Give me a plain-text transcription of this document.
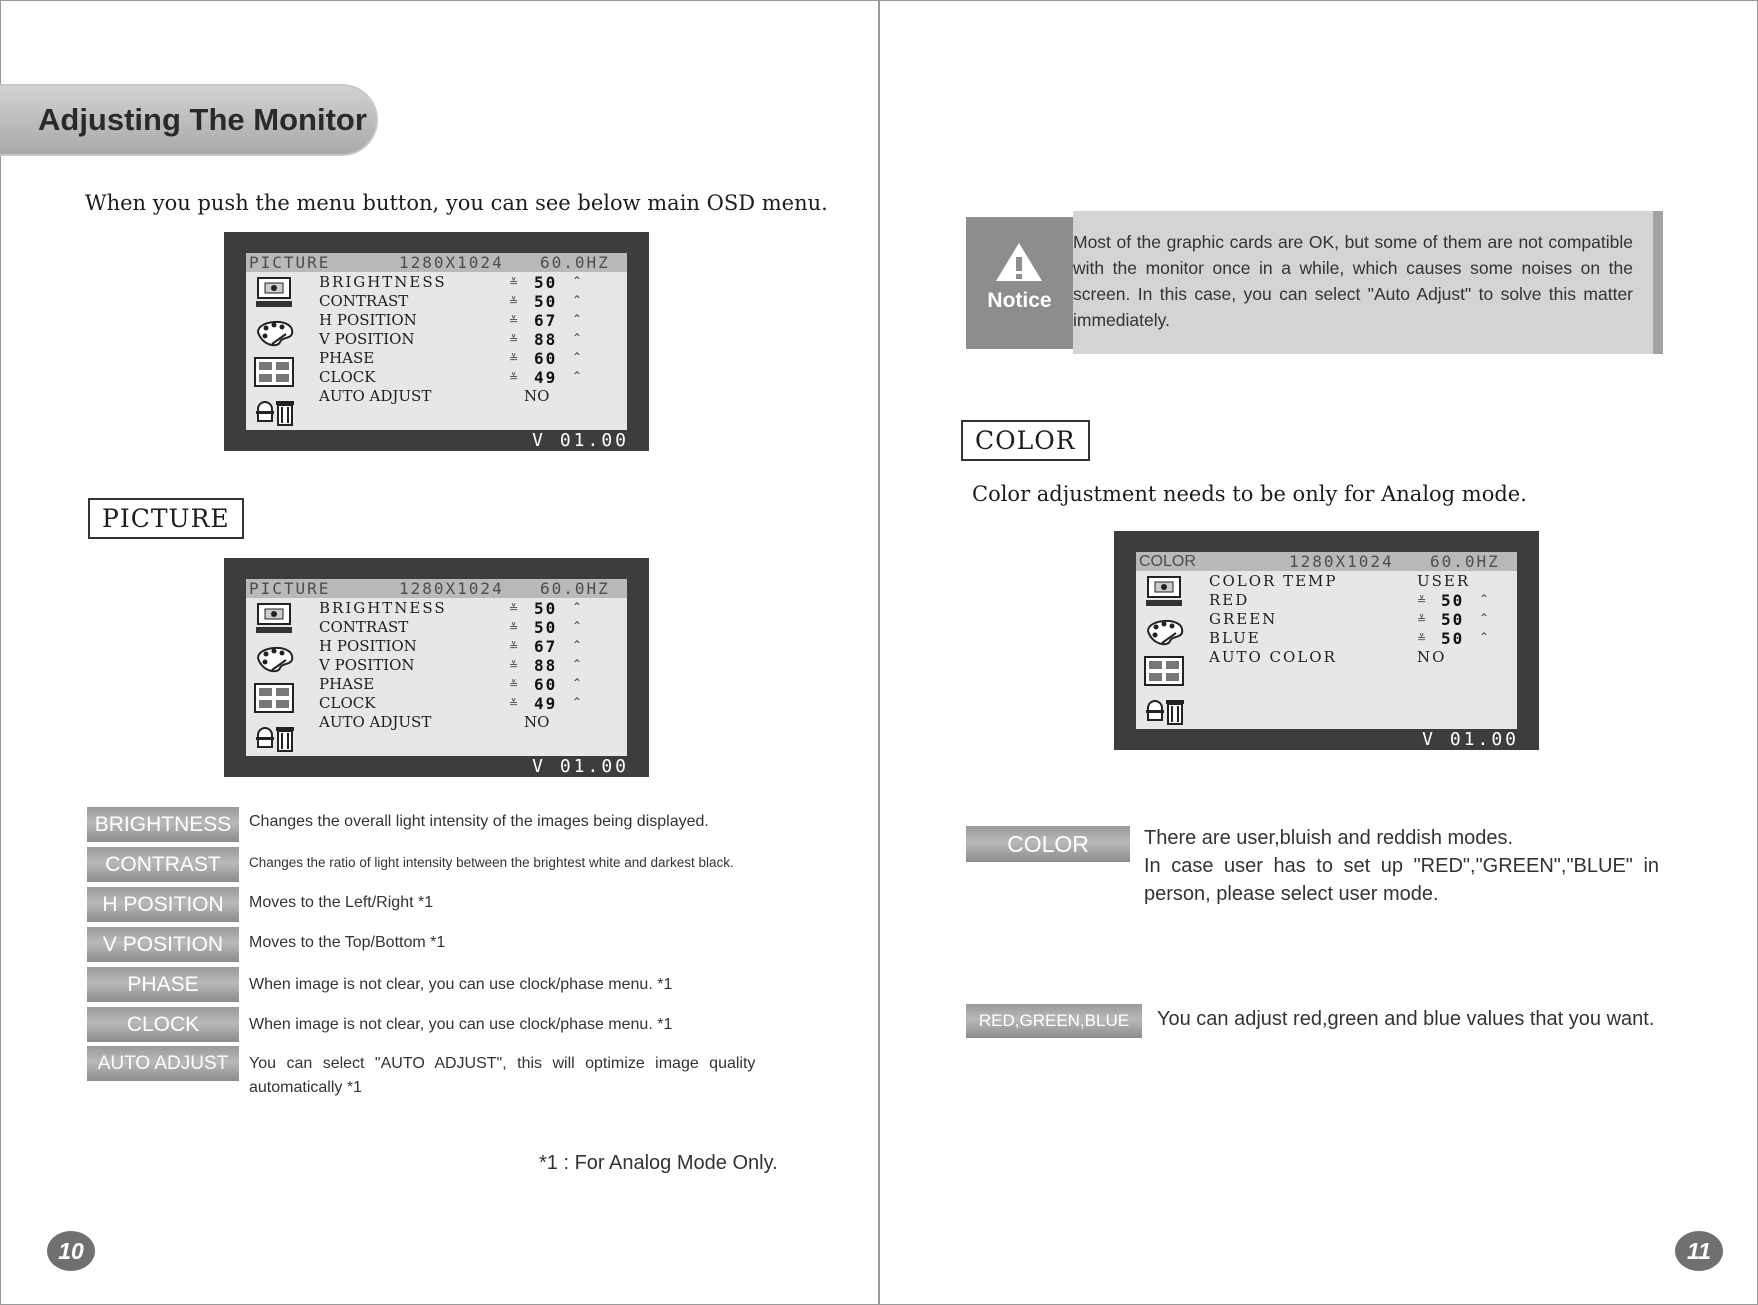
Adjusting The Monitor
When you push the menu button, you can see below main OSD menu.
PICTURE	1280X1024 60.0HZ
BRIGHTNESS	≚ 50 ⌃
CONTRAST	≚ 50 ⌃
H POSITION	≚ 67 ⌃
V POSITION	≚ 88 ⌃
PHASE	≚ 60 ⌃
CLOCK	≚ 49 ⌃
AUTO ADJUST	NO
V 01.00
PICTURE
PICTURE	1280X1024 60.0HZ
BRIGHTNESS	≚ 50 ⌃
CONTRAST	≚ 50 ⌃
H POSITION	≚ 67 ⌃
V POSITION	≚ 88 ⌃
PHASE	≚ 60 ⌃
CLOCK	≚ 49 ⌃
AUTO ADJUST	NO
V 01.00
BRIGHTNESS	Changes the overall light intensity of the images being displayed.
CONTRAST	Changes the ratio of light intensity between the brightest white and darkest black.
H POSITION	Moves to the Left/Right *1
V POSITION	Moves to the Top/Bottom *1
PHASE	When image is not clear, you can use clock/phase menu. *1
CLOCK	When image is not clear, you can use clock/phase menu. *1
AUTO ADJUST	You can select "AUTO ADJUST", this will optimize image quality
automatically *1
*1 : For Analog Mode Only.
10
Notice
Most of the graphic cards are OK, but some of them are not compatible with the monitor once in a while, which causes some noises on the screen. In this case, you can select "Auto Adjust" to solve this matter immediately.
COLOR
Color adjustment needs to be only for Analog mode.
COLOR	1280X1024 60.0HZ
COLOR TEMP	USER
RED	≚ 50 ⌃
GREEN	≚ 50 ⌃
BLUE	≚ 50 ⌃
AUTO COLOR	NO
V 01.00
COLOR	There are user,bluish and reddish modes.
In case user has to set up "RED","GREEN","BLUE" in
person, please select user mode.
RED,GREEN,BLUE	You can adjust red,green and blue values that you want.
11
